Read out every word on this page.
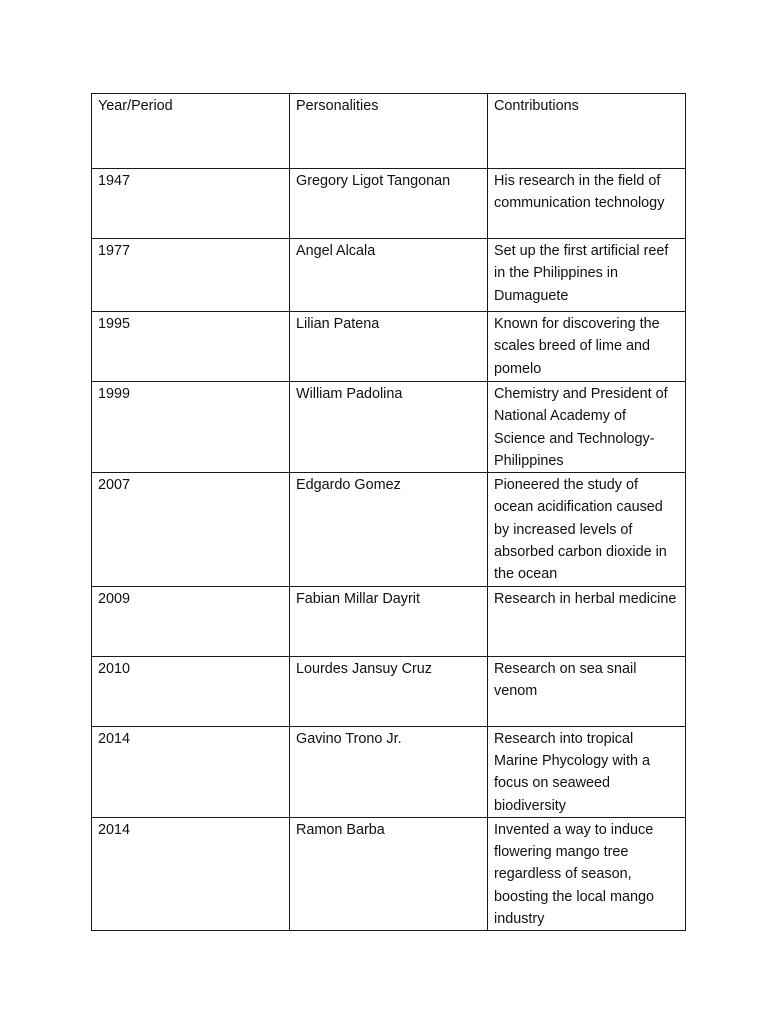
Year/Period	Personalities	Contributions

1947	Gregory Ligot Tangonan	His research in the field of communication technology

1977	Angel Alcala	Set up the first artificial reef in the Philippines in Dumaguete

1995	Lilian Patena	Known for discovering the scales breed of lime and pomelo

1999	William Padolina	Chemistry and President of National Academy of Science and Technology-Philippines

2007	Edgardo Gomez	Pioneered the study of ocean acidification caused by increased levels of absorbed carbon dioxide in the ocean

2009	Fabian Millar Dayrit	Research in herbal medicine

2010	Lourdes Jansuy Cruz	Research on sea snail venom

2014	Gavino Trono Jr.	Research into tropical Marine Phycology with a focus on seaweed biodiversity

2014	Ramon Barba	Invented a way to induce flowering mango tree regardless of season, boosting the local mango industry
